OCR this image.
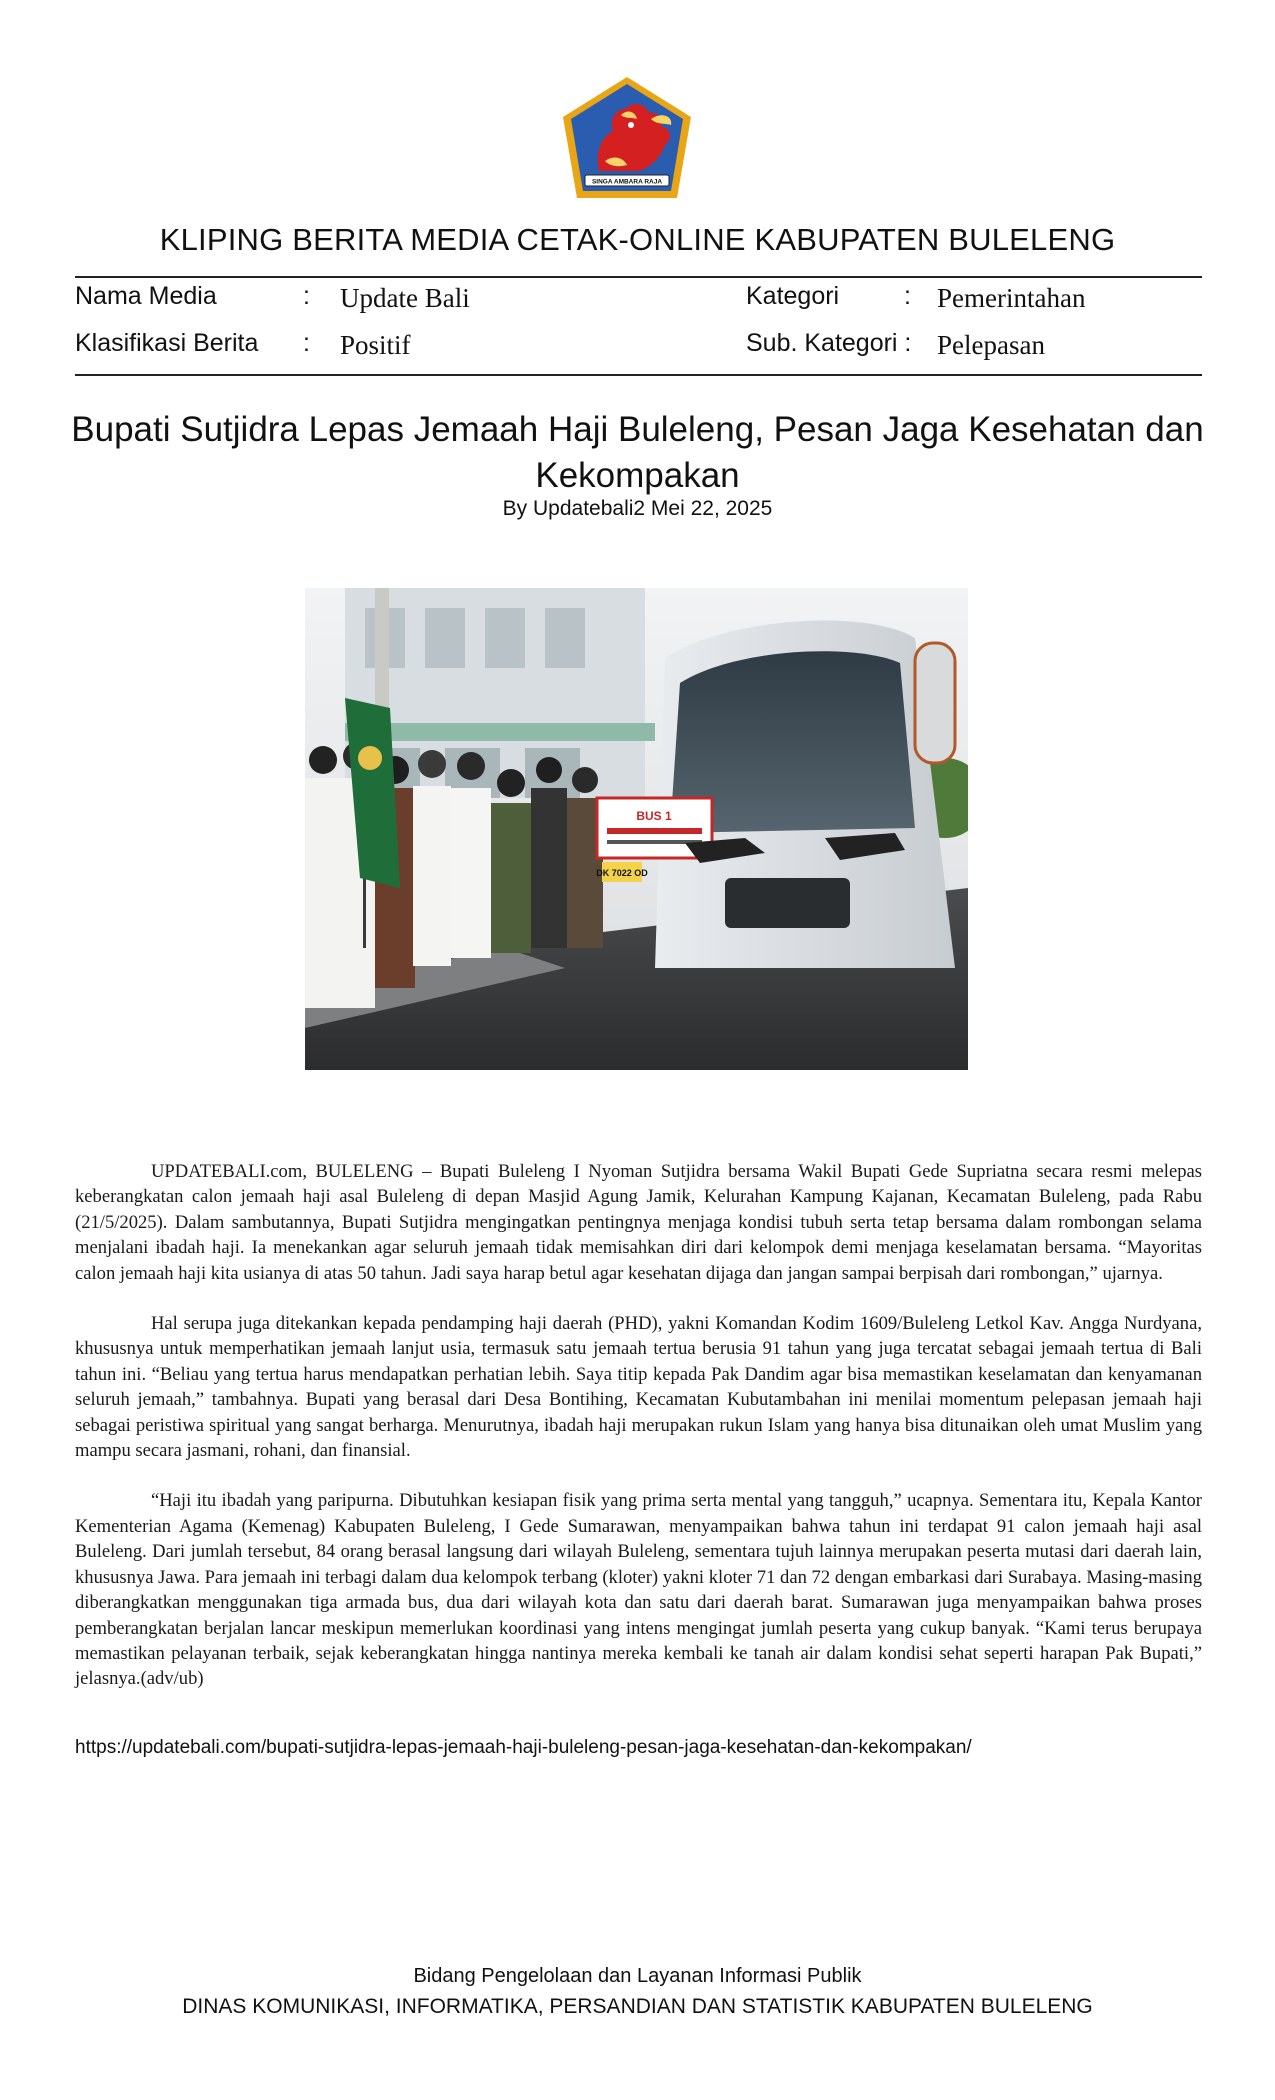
SINGA AMBARA RAJA
KLIPING BERITA MEDIA CETAK-ONLINE KABUPATEN BULELENG
Nama Media	: Update Bali	Kategori	: Pemerintahan
Klasifikasi Berita : Positif	Sub. Kategori : Pelepasan
Bupati Sutjidra Lepas Jemaah Haji Buleleng, Pesan Jaga Kesehatan dan Kekompakan
By Updatebali2 Mei 22, 2025
BUS 1
DK 7022 OD

UPDATEBALI.com, BULELENG – Bupati Buleleng I Nyoman Sutjidra bersama Wakil Bupati Gede Supriatna secara resmi melepas keberangkatan calon jemaah haji asal Buleleng di depan Masjid Agung Jamik, Kelurahan Kampung Kajanan, Kecamatan Buleleng, pada Rabu (21/5/2025). Dalam sambutannya, Bupati Sutjidra mengingatkan pentingnya menjaga kondisi tubuh serta tetap bersama dalam rombongan selama menjalani ibadah haji. Ia menekankan agar seluruh jemaah tidak memisahkan diri dari kelompok demi menjaga keselamatan bersama. “Mayoritas calon jemaah haji kita usianya di atas 50 tahun. Jadi saya harap betul agar kesehatan dijaga dan jangan sampai berpisah dari rombongan,” ujarnya.

Hal serupa juga ditekankan kepada pendamping haji daerah (PHD), yakni Komandan Kodim 1609/Buleleng Letkol Kav. Angga Nurdyana, khususnya untuk memperhatikan jemaah lanjut usia, termasuk satu jemaah tertua berusia 91 tahun yang juga tercatat sebagai jemaah tertua di Bali tahun ini. “Beliau yang tertua harus mendapatkan perhatian lebih. Saya titip kepada Pak Dandim agar bisa memastikan keselamatan dan kenyamanan seluruh jemaah,” tambahnya. Bupati yang berasal dari Desa Bontihing, Kecamatan Kubutambahan ini menilai momentum pelepasan jemaah haji sebagai peristiwa spiritual yang sangat berharga. Menurutnya, ibadah haji merupakan rukun Islam yang hanya bisa ditunaikan oleh umat Muslim yang mampu secara jasmani, rohani, dan finansial.

“Haji itu ibadah yang paripurna. Dibutuhkan kesiapan fisik yang prima serta mental yang tangguh,” ucapnya. Sementara itu, Kepala Kantor Kementerian Agama (Kemenag) Kabupaten Buleleng, I Gede Sumarawan, menyampaikan bahwa tahun ini terdapat 91 calon jemaah haji asal Buleleng. Dari jumlah tersebut, 84 orang berasal langsung dari wilayah Buleleng, sementara tujuh lainnya merupakan peserta mutasi dari daerah lain, khususnya Jawa. Para jemaah ini terbagi dalam dua kelompok terbang (kloter) yakni kloter 71 dan 72 dengan embarkasi dari Surabaya. Masing-masing diberangkatkan menggunakan tiga armada bus, dua dari wilayah kota dan satu dari daerah barat. Sumarawan juga menyampaikan bahwa proses pemberangkatan berjalan lancar meskipun memerlukan koordinasi yang intens mengingat jumlah peserta yang cukup banyak. “Kami terus berupaya memastikan pelayanan terbaik, sejak keberangkatan hingga nantinya mereka kembali ke tanah air dalam kondisi sehat seperti harapan Pak Bupati,” jelasnya.(adv/ub)

https://updatebali.com/bupati-sutjidra-lepas-jemaah-haji-buleleng-pesan-jaga-kesehatan-dan-kekompakan/
Bidang Pengelolaan dan Layanan Informasi Publik
DINAS KOMUNIKASI, INFORMATIKA, PERSANDIAN DAN STATISTIK KABUPATEN BULELENG
